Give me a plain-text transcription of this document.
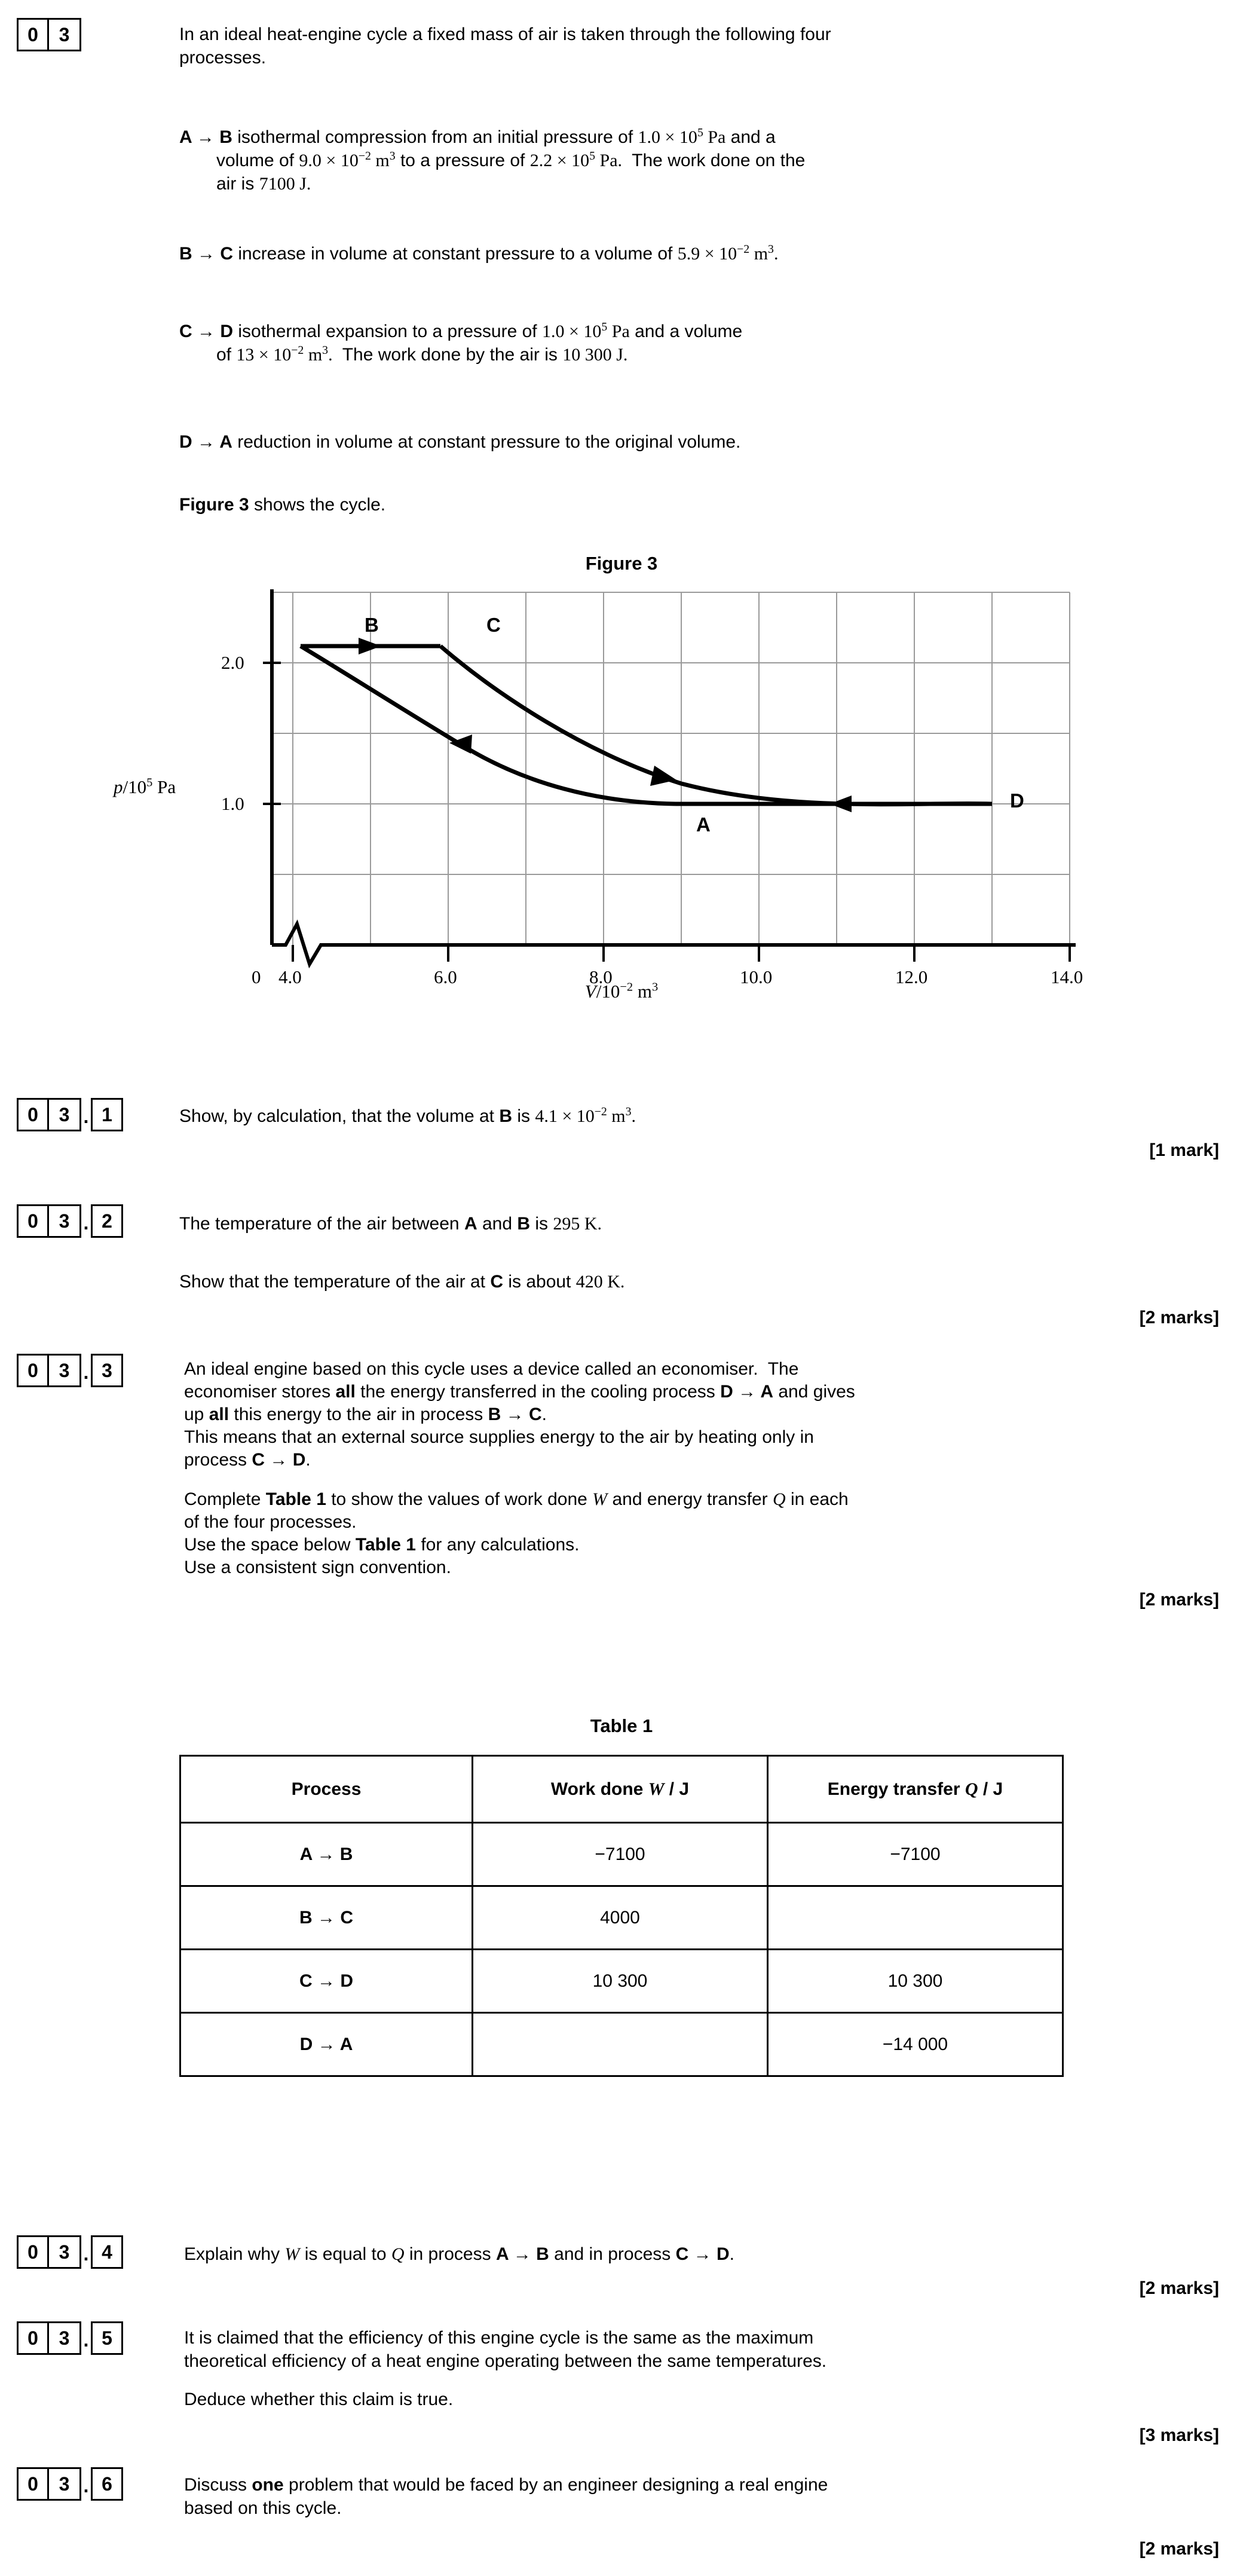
0	3	In an ideal heat-engine cycle a fixed mass of air is taken through the following four
processes.
A → B isothermal compression from an initial pressure of $1.0 \times 10^5$ Pa and a
volume of $9.0 \times 10^{-2}$ $m^3$ to a pressure of $2.2 \times 10^5$ Pa.  The work done on the
air is 7100 J.
B → C increase in volume at constant pressure to a volume of $5.9 \times 10^{-2}$ $m^3$.
C → D isothermal expansion to a pressure of $1.0 \times 10^5$ Pa and a volume
of $13 \times 10^{-2}$ $m^3$.  The work done by the air is 10 300 J.
D → A reduction in volume at constant pressure to the original volume.
Figure 3 shows the cycle.
Figure 3
$p/10^5$ Pa
1.0
2.0
0 4.0	6.0	8.0	10.0	12.0	14.0
B	C
A
D
$V/10^{-2}$ $m^3$
0	3 . 1	Show, by calculation, that the volume at B is $4.1 \times 10^{-2}$ $m^3$.
[1 mark]
0	3 . 2	The temperature of the air between A and B is 295 K.
Show that the temperature of the air at C is about 420 K.
[2 marks]
0	3 . 3	An ideal engine based on this cycle uses a device called an economiser.  The
economiser stores all the energy transferred in the cooling process D → A and gives
up all this energy to the air in process B → C.
This means that an external source supplies energy to the air by heating only in
process C → D.
Complete Table 1 to show the values of work done W and energy transfer Q in each
of the four processes.
Use the space below Table 1 for any calculations.
Use a consistent sign convention.
[2 marks]
Table 1
Process	Work done W / J	Energy transfer Q / J
A → B	−7100	−7100
B → C	4000	
C → D	10 300	10 300
D → A		−14 000
0	3 . 4	Explain why W is equal to Q in process A → B and in process C → D.
[2 marks]
0	3 . 5	It is claimed that the efficiency of this engine cycle is the same as the maximum
theoretical efficiency of a heat engine operating between the same temperatures.
Deduce whether this claim is true.
[3 marks]
0	3 . 6	Discuss one problem that would be faced by an engineer designing a real engine
based on this cycle.
[2 marks]
